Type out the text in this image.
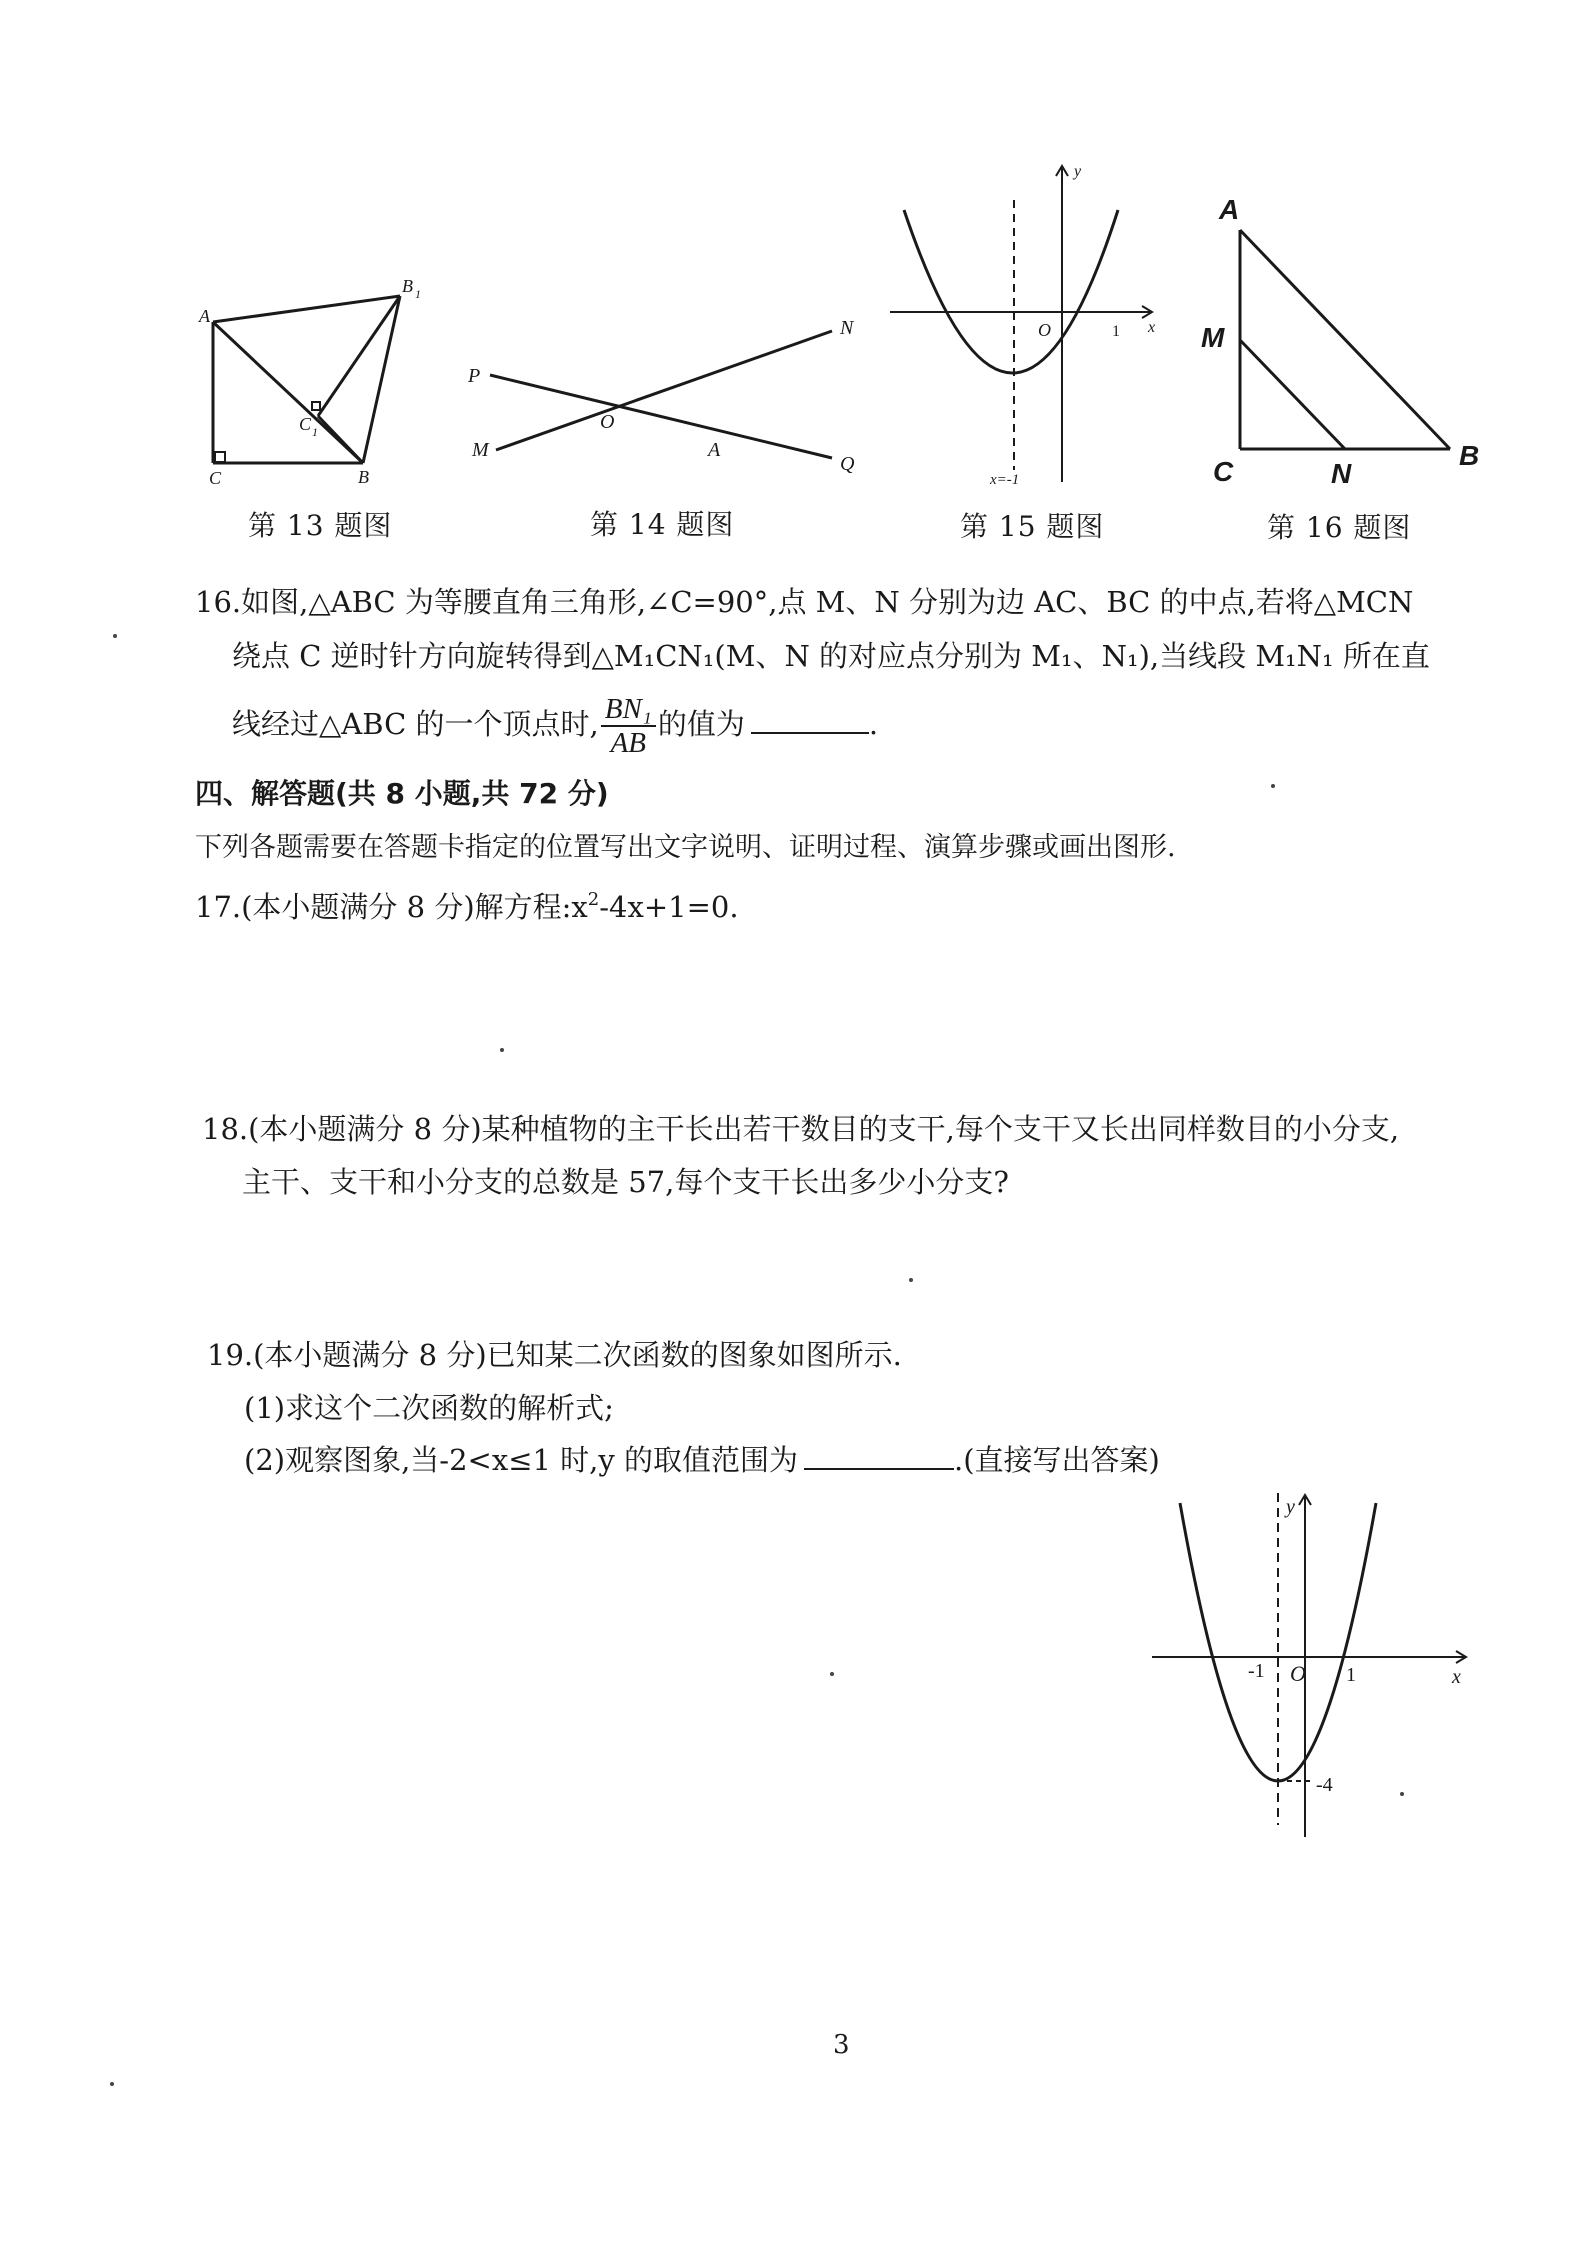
A
B 1
C 1
C	B
第 13 题图
P
N
O
M	A
Q
第 14 题图
y
x
O	1
x=-1
第 15 题图
A
M
C	N
B
第 16 题图
16.如图,△ABC 为等腰直角三角形,∠C=90°,点 M、N 分别为边 AC、BC 的中点,若将△MCN
绕点 C 逆时针方向旋转得到△M₁CN₁(M、N 的对应点分别为 M₁、N₁),当线段 M₁N₁ 所在直
线经过△ABC 的一个顶点时, $\frac{\text{BN₁}}{AB}$ 的值为	.
四、解答题(共 8 小题,共 72 分)
下列各题需要在答题卡指定的位置写出文字说明、证明过程、演算步骤或画出图形.
17.(本小题满分 8 分)解方程$:x^2-4x+1=0$.
18.(本小题满分 8 分)某种植物的主干长出若干数目的支干,每个支干又长出同样数目的小分支,
主干、支干和小分支的总数是 57,每个支干长出多少小分支?
19.(本小题满分 8 分)已知某二次函数的图象如图所示.
(1)求这个二次函数的解析式;
(2)观察图象,当-2<x≤1 时,y 的取值范围为	.(直接写出答案)
y
x
O
-1	1
-4
3
